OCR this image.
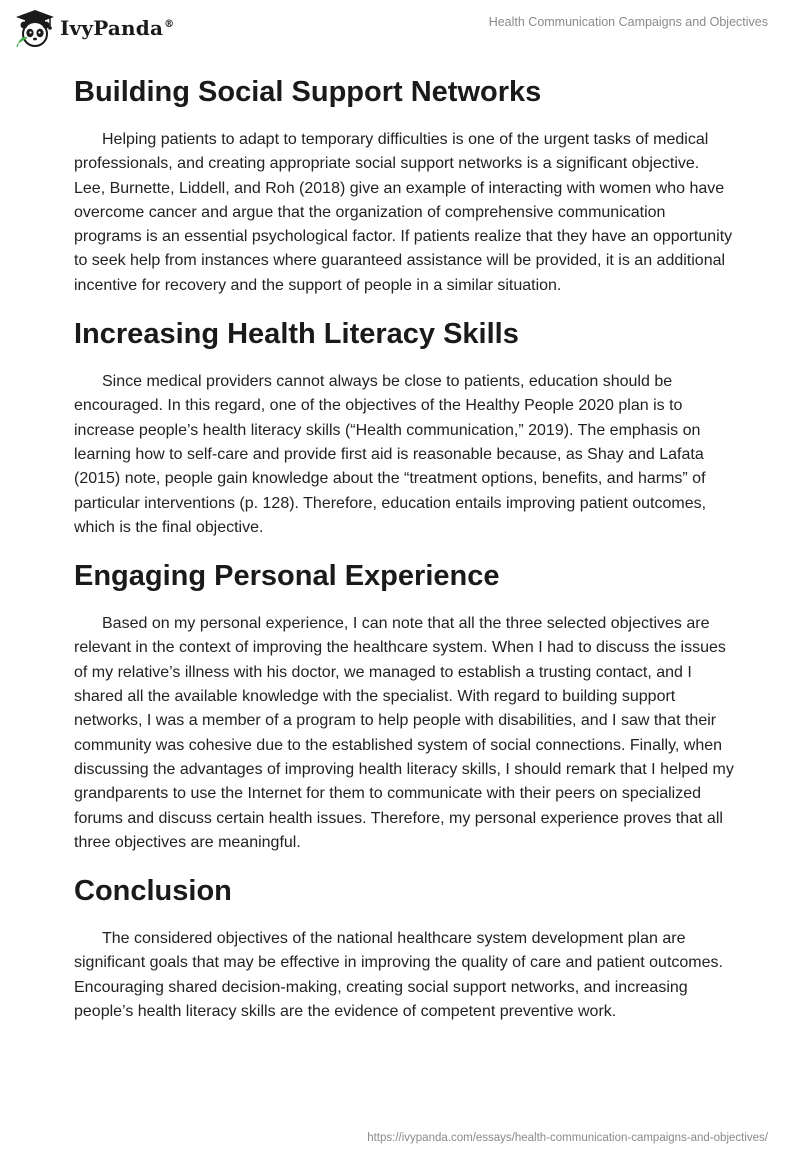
IvyPanda®	Health Communication Campaigns and Objectives
Building Social Support Networks

Helping patients to adapt to temporary difficulties is one of the urgent tasks of medical professionals, and creating appropriate social support networks is a significant objective. Lee, Burnette, Liddell, and Roh (2018) give an example of interacting with women who have overcome cancer and argue that the organization of comprehensive communication programs is an essential psychological factor. If patients realize that they have an opportunity to seek help from instances where guaranteed assistance will be provided, it is an additional incentive for recovery and the support of people in a similar situation.

Increasing Health Literacy Skills

Since medical providers cannot always be close to patients, education should be encouraged. In this regard, one of the objectives of the Healthy People 2020 plan is to increase people’s health literacy skills (“Health communication,” 2019). The emphasis on learning how to self-care and provide first aid is reasonable because, as Shay and Lafata (2015) note, people gain knowledge about the “treatment options, benefits, and harms” of particular interventions (p. 128). Therefore, education entails improving patient outcomes, which is the final objective.

Engaging Personal Experience

Based on my personal experience, I can note that all the three selected objectives are relevant in the context of improving the healthcare system. When I had to discuss the issues of my relative’s illness with his doctor, we managed to establish a trusting contact, and I shared all the available knowledge with the specialist. With regard to building support networks, I was a member of a program to help people with disabilities, and I saw that their community was cohesive due to the established system of social connections. Finally, when discussing the advantages of improving health literacy skills, I should remark that I helped my grandparents to use the Internet for them to communicate with their peers on specialized forums and discuss certain health issues. Therefore, my personal experience proves that all three objectives are meaningful.

Conclusion

The considered objectives of the national healthcare system development plan are significant goals that may be effective in improving the quality of care and patient outcomes. Encouraging shared decision-making, creating social support networks, and increasing people’s health literacy skills are the evidence of competent preventive work.

https://ivypanda.com/essays/health-communication-campaigns-and-objectives/
